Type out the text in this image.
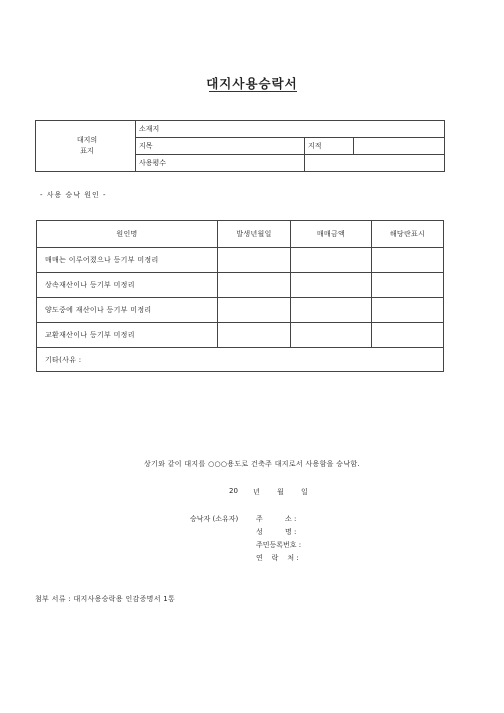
대지사용승락서
대지의
표지	소재지		
	지목	지적	
	사용평수		
- 사용 승낙 원인 -
원인명	발생년월일	매매금액	해당란표시
매매는 이루어졌으나 등기부 미정리			
상속재산이나 등기부 미정리			
양도중에 재산이나 등기부 미정리			
교환재산이나 등기부 미정리			
기타(사유 :			
상기와 같이 대지를 ○○○용도로 건축주 대지로서 사용함을 승낙함.
20 년 월 일
승낙자 (소유자)	주          소 :
성          명 :
주민등록번호 :
연    락    처 :
첨부 서류 : 대지사용승락용 인감증명서 1통
